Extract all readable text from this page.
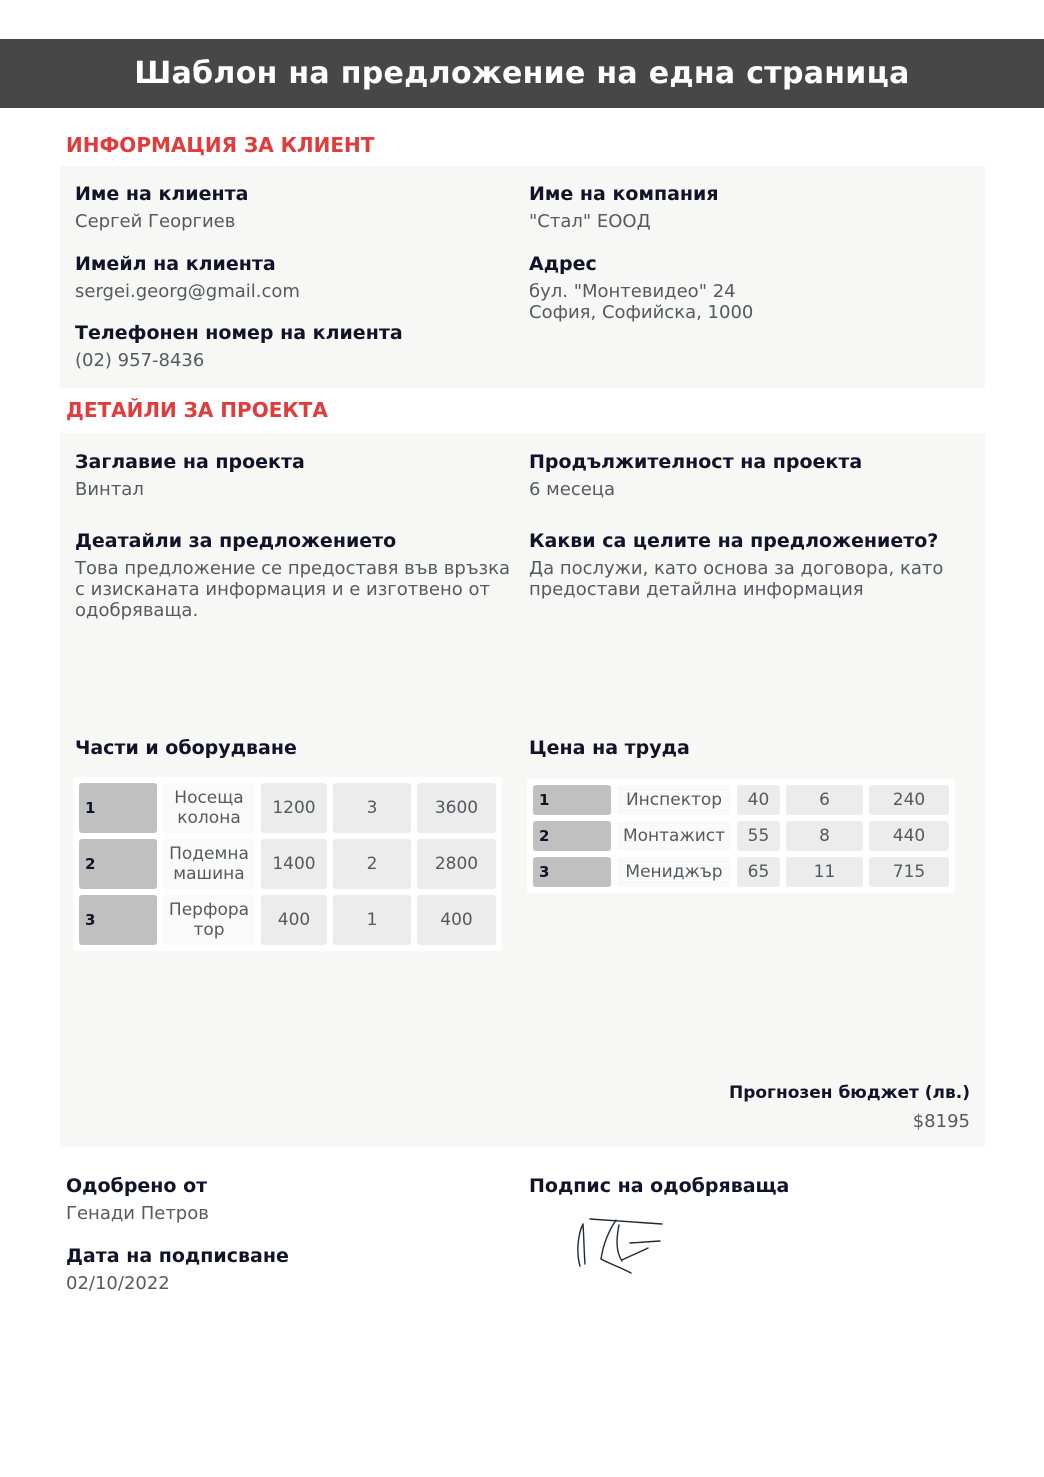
Шаблон на предложение на една страница
ИНФОРМАЦИЯ ЗА КЛИЕНТ

Име на клиента

Сергей Георгиев

Име на компания

"Стал" ЕООД

Имейл на клиента

sergei.georg@gmail.com

Адрес

бул. "Монтевидео" 24

София, Софийска, 1000

Телефонен номер на клиента

(02) 957-8436

ДЕТАЙЛИ ЗА ПРОЕКТА

Заглавие на проекта

Винтал

Продължителност на проекта

6 месеца

Деатайли за предложението

Това предложение се предоставя във връзка
с изисканата информация и е изготвено от
одобряваща.

Какви са целите на предложението?

Да послужи, като основа за договора, като
предостави детайлна информация

Части и оборудване

1	Носеща колона	1200	3	3600
2	Подемна машина	1400	2	2800
3	Перфора тор	400	1	400

Цена на труда

1	Инспектор	40	6	240
2	Монтажист	55	8	440
3	Мениджър	65	11	715

Прогнозен бюджет (лв.)

$8195

Одобрено от

Генади Петров

Подпис на одобряваща

Дата на подписване

02/10/2022
